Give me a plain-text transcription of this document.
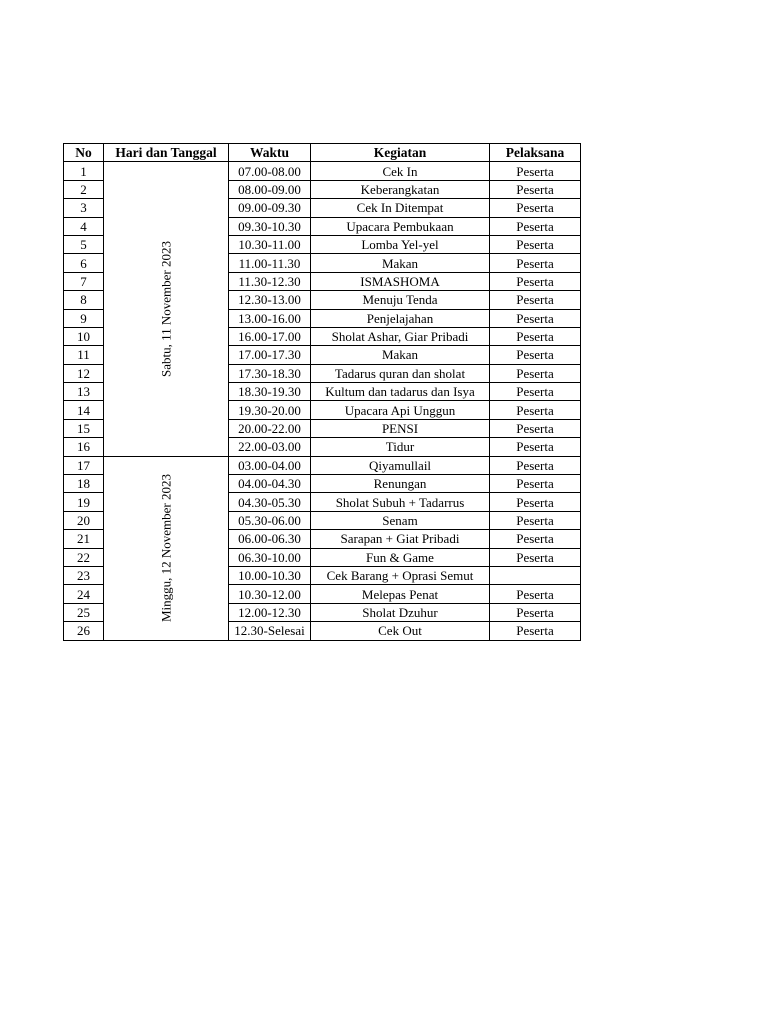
No	Hari dan Tanggal	Waktu	Kegiatan	Pelaksana
1	Sabtu, 11 November 2023	07.00-08.00	Cek In	Peserta
2		08.00-09.00	Keberangkatan	Peserta
3		09.00-09.30	Cek In Ditempat	Peserta
4		09.30-10.30	Upacara Pembukaan	Peserta
5		10.30-11.00	Lomba Yel-yel	Peserta
6		11.00-11.30	Makan	Peserta
7		11.30-12.30	ISMASHOMA	Peserta
8		12.30-13.00	Menuju Tenda	Peserta
9		13.00-16.00	Penjelajahan	Peserta
10		16.00-17.00	Sholat Ashar, Giar Pribadi	Peserta
11		17.00-17.30	Makan	Peserta
12		17.30-18.30	Tadarus quran dan sholat	Peserta
13		18.30-19.30	Kultum dan tadarus dan Isya	Peserta
14		19.30-20.00	Upacara Api Unggun	Peserta
15		20.00-22.00	PENSI	Peserta
16		22.00-03.00	Tidur	Peserta
17	Minggu, 12 November 2023	03.00-04.00	Qiyamullail	Peserta
18		04.00-04.30	Renungan	Peserta
19		04.30-05.30	Sholat Subuh + Tadarrus	Peserta
20		05.30-06.00	Senam	Peserta
21		06.00-06.30	Sarapan + Giat Pribadi	Peserta
22		06.30-10.00	Fun & Game	Peserta
23		10.00-10.30	Cek Barang + Oprasi Semut	
24		10.30-12.00	Melepas Penat	Peserta
25		12.00-12.30	Sholat Dzuhur	Peserta
26		12.30-Selesai	Cek Out	Peserta
